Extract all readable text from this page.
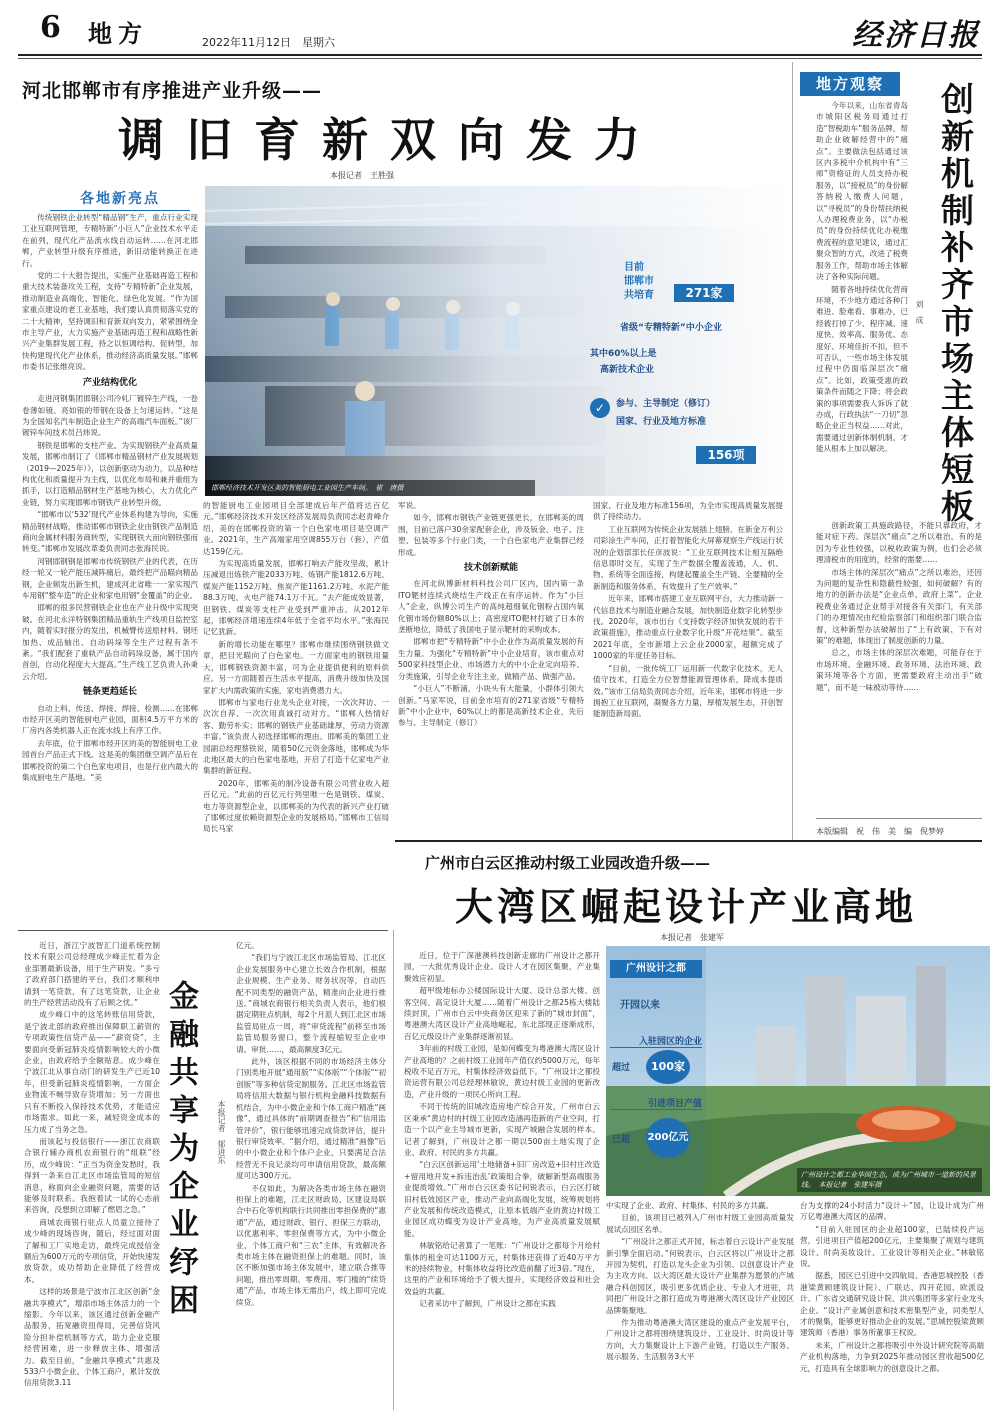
6 地方	2022年11月12日 星期六	经济日报
河北邯郸市有序推进产业升级——
调旧育新双向发力
本报记者　王胜强
各地新亮点

传统钢铁企业转型“精品钢”生产，重点行业实现工业互联网管理，专精特新“小巨人”企业技术水平走在前列，现代化产品流水线自动运转……在河北邯郸，产业转型升级有序推进，新旧动能转换正在进行。

党的二十大报告提出，实施产业基础再造工程和重大技术装备攻关工程，支持“专精特新”企业发展，推动制造业高端化、智能化、绿色化发展。“作为国家重点建设的老工业基地，我们要认真贯彻落实党的二十大精神，坚持调旧和育新双向发力，紧紧围绕金市主导产业，大力实施产业基础再造工程和战略性新兴产业集群发展工程，持之以恒调结构、促转型，加快构建现代化产业体系，推动经济高质量发展。”邯郸市委书记张维亮说。

产业结构优化

走进河钢集团邯钢公司冷轧厂镀锌生产线，一卷卷薄如镜、亮如银的带钢在设备上匀速运转。“这是为全国知名汽车制造企业生产的高端汽车面板。”该厂镀锌车间技术员吕炜说。

钢铁是邯郸的支柱产业。为实现钢铁产业高质量发展，邯郸市制订了《邯郸市精品钢材产业发展规划（2019—2025年）》，以创新驱动为动力，以品种结构优化和质量提升为主线，以优化布局和兼并重组为抓手，以打造精品钢材生产基地为核心，大力优化产业链，努力实现邯郸市钢铁产业转型升级。

“邯郸市以‘532’现代产业体系构建为导向，实施精品钢材战略，推动邯郸市钢铁企业由钢铁产品制造商向金属材料服务商转型，实现钢铁大而向钢铁强而转变。”邯郸市发展改革委负责同志张海民说。

河钢邯钢钢是邯郸市传统钢铁产业的代表，在历经一轮又一轮产能压减阵痛后，最终把产品瞄向精品钢，企业频发出新生机，建成河北省唯一一家实现汽车用钢“整车造”的企业和家电用钢“金覆盖”的企业。

邯郸的很多民营钢铁企业也在产业升级中实现突破。在河北永洋特钢集团精品重轨生产线项目监控室内，随着实时报分的发出，机械臂传送原材料、钢坯加热、成品轴出、自动码垛等全生产过程有条不紊。“我们配套了重轨产品自动码垛设备，属于国内首创，自动化程度大大提高。”生产线工艺负责人孙秉云介绍。

链条更趋延长

自动上料、传送、焊接、焊接、检测……在邯郸市经开区美的智能厨电产业园，面积4.5万平方米的厂房内各类机器人正在流水线上有序工作。

去年底，位于邯郸市经开区的美的智能厨电工业园首台产品正式下线。这是美的集团继空调产品后在邯郸投资的第二个白色家电项目，也是行业内最大的集成厨电生产基地。“美

邯郸经济技术开发区美的智能厨电工业园生产车间。　崔　唐摄
目前
邯郸市
共培育	271家
省级“专精特新”中小企业
其中60%以上是
高新技术企业
✓	参与、主导制定（修订）
国家、行业及地方标准
156项

的智能厨电工业园项目全部建成后年产值将达百亿元。”邯郸经济技术开发区经济发展局负责同志赵青峰介绍，美的在邯郸投资的第一个白色家电项目是空调产业。2021年，生产高端家用空调855万台（套），产值达159亿元。

为实现高质量发展，邯郸打响去产能攻坚战，累计压减退出炼铁产能2033万吨、炼钢产能1812.6万吨、煤炭产能1152万吨、焦炭产能1161.2万吨、水泥产能88.3万吨、火电产能74.1万千瓦。“去产能成效显著，但钢铁、煤炭等支柱产业受到严重冲击。从2012年起，邯郸经济增速连续4年低于全省平均水平。”张海民记忆犹新。

新的增长动能在哪里？邯郸市继续围绕钢铁做文章，把目光瞄向了白色家电。一方面家电的钢铁用量大，邯郸钢铁资源丰富，可为企业提供便利的原料供应。另一方面随着百生活水平提高，消费升级加快及国家扩大内需政策的实施，家电消费潜力大。

邯郸市与家电行业龙头企业对接，一次次拜访、一次次自荐、一次次用真诚打动对方。“邯郸人热情好客、勤劳朴实；邯郸的钢铁产业基础雄厚，劳动力资源丰富。”该负责人初选择邯郸的理由。邯郸美的集团工业园副总经理蔡铁说，随着50亿元资金落地，邯郸成为华北地区最大的白色家电基地，开启了打造千亿家电产业集群的新征程。

2020年，邯郸美的制冷设备有限公司营业收入超百亿元。“此前的百亿元行列里唯一色是钢铁、煤炭、电力等资源型企业，以邯郸美的为代表的新兴产业打破了邯郸过度依赖资源型企业的发展格局。”邯郸市工信局局长马家

军说。

如今，邯郸市钢铁产业链更强更长，在邯郸美的周围，目前已落户30余家配套企业，涉及钣金、电子、注塑、包装等多个行业门类，一个白色家电产业集群已经形成。

技术创新赋能

在河北纵博新材料科技公司厂区内，国内第一条ITO靶材连续式烧结生产线正在有序运转。作为“小巨人”企业，纵博公司生产的高纯超细氧化铟粉占国内氧化铟市场份额80%以上；高密度ITO靶材打破了日本的垄断地位，降低了我国电子显示靶材的采购成本。

邯郸市把“专精特新”中小企业作为高质量发展的有生力量。为强化“专精特新”中小企业培育，该市重点对500家科技型企业、市场潜力大的中小企业定向培养、分类施策，引导企业专注主业，做精产品、做强产品。

“小巨人”不断涌，小块头有大能量，小群体引领大创新。”马家军说，目前金市培育的271家省级“专精特新”中小企业中，60%以上的都是高新技术企业，先后参与、主导制定（修订）

国家、行业及地方标准156项，为全市实现高质量发展提供了持续动力。

工业互联网为传统企业发展插上翅膀。在新金万利公司彩涂生产车间，正打着智能化大屏幕观察生产线运行状况的企划部部长任彦波说：“工业互联网技术让相互隔绝信息即时交互，实现了生产数据全覆盖流通，人、机、物、系统等全面连接，构建起覆盖全生产链、全要精的全新制造和服务体系，有效提升了生产效率。”

近年来，邯郸市搭建工业互联网平台，大力推动新一代信息技术与制造业融合发展，加快制造业数字化转型步伐。2020年，该市出台《支持数字经济加快发展的若干政策措施》，推动重点行业数字化升级“开花结果”。截至2021年底，全市新增上云企业2000家，超额完成了1000家的年度任务目标。

“目前，一批传统工厂运用新一代数字化技术，无人值守技术，打造全方位智慧能源管理体系，降成本提质效。”该市工信局负责同志介绍，近年来，邯郸市将进一步拥抱工业互联网，凝聚各方力量，厚植发展生态，开创智能制造新局面。

地方观察	创新机制补齐市场主体短板
刘　成

今年以来，山东省青岛市城阳区税务局通过打造“智税助车”服务品牌，帮助企业破解经营中的“痛点”。主要做法包括通过该区内多税中介机构中有“三师”资格证的人员支持办税服务，以“接税员”的身份解答纳税人缴费人问题，以“寻税员”的身份帮扶纳税人办理税费业务，以“办税员”的身份持续优化办税缴费流程的意见建议，通过汇聚众智的方式，改进了税费服务工作，帮助市场主体解决了各种实际问题。

随着各地持续优化营商环境，不少地方通过各种门难进、脸难看、事难办，已经被打掉了少、程序减、速度快、效率高、服务优、态度好、环境佳折不扣，但不可否认，一些市场主体发展过程中仍面临深层次“痛点”。比如，政策受惠的政策条件而随之下降；将会政策的事项需要我人诉诉了就办成，行政执法“一刀切”忽略企业正当权益……对此，需要通过创新体制机制，才能从根本上加以解决。

创新政策工具施政路径，不能只靠政府，才能对症下药。深层次“痛点”之所以难治，有的是因为专业性较强，以税收政策为例，也们会必须理清税市的用度的，经常的需要……

市场主体的深层次“痛点”之所以难治，还因为问题的复杂性和隐蔽性较强，如何破解？有的地方的创新办法是“企业点单、政府上菜”。企业税费业务通过企业帮手对接各有关部门，有关部门的办理情况由纪检监察部门和组织部门联合监督，这种新型办法破解出了“上有政策、下有对策”的难题，体现出了制度创新的力量。

总之，市场主体的深层次难题，可能存在于市场环境、金融环境、政务环境、法治环境、政策环境等各个方面，更需要政府主动出手“破题”，而不是一味被动等待……

本版编辑　祝　伟　美　编　倪梦婷
广州市白云区推动村级工业园改造升级——
大湾区崛起设计产业高地
本报记者　张建军
广州设计之都工业华园生态，成为广州城市一道新的风景线。　本报记者　张建军摄
广州设计之都
开园以来
入驻园区的企业
超过	100家
引进项目产值
已超 200亿元

近日，位于广深港澳科技创新走廊的广州设计之都开园，一大批优秀设计企业、设计人才在园区集聚，产业集聚效应初显。

超甲级地标办公楼国际设计大厦、设计总部大楼、创客空间、高定设计大厦……随着广州设计之都25栋大楼陆续封顶，广州市白云中央商务区迎来了新的“城市封面”，粤港澳大湾区设计产业高地崛起，东北部现正逐渐成形，百亿元级设计产业集群逐渐初显。

3年前的村级工业园，是如何蝶变为粤港澳大湾区设计产业高地的？之前村级工业园年产值仅约5000万元，每年税收不足百万元，村集体经济效益低下。“广州设计之都投资运营有限公司总经理林敏说，黄边村级工业园的更新改造，产业升级的一项民心所向工程。

不同于传统的旧城改造房地产综合开发，广州市白云区秉承“黄边村的村级工业园改造涵再造新的产业空间，打造一个以产业主导城市更新，实现产城融合发展的样本。记者了解到，广州设计之都一期以500亩土地实现了企业、政府、村民的多方共赢。

“白云区创新运用‘土地储备+旧厂房改造+旧村庄改造+留用地开发+拆违治乱’政策组合拳，破解新型高端服务业提质增效。”广州市白云区委书记何锐表示，白云区打破旧村低效园区产业，推动产业向高端化发展，统筹规划将产业发展和传统改造模式，让原本低端产业的黄边村级工业园区成功蝶变为设计产业高地，为产业高质量发展赋能。

林敏铭给记者算了一笔账：“广州设计之都每个月给村集体的租金可达1100万元，村集体还获得了近40万平方米的持续物业，村集体收益将比改造前翻了近3倍。”现在，这里的产业和环境给予了极大提升，实现经济效益和社会效益的共赢。

记者采访中了解到，广州设计之都在实践

中实现了企业、政府、村集体、村民的多方共赢。

目前，该项目已被列入广州市村级工业园高质量发展试点园区名单。

“广州设计之都正式开园，标志着白云设计产业发展新引擎全面启动。”何锐表示，白云区将以广州设计之都开园为契机，打造以龙头企业为引领、以创意设计产业为主攻方向、以大湾区最大设计产业集群为愿景的产城融合科创园区，吸引更多优质企业、专业人才进驻，共同把广州设计之都打造成为粤港澳大湾区设计产业园区品牌集聚地。

作为推动粤港澳大湾区建设的重点产业发展平台，广州设计之都将围绕建筑设计、工业设计、时尚设计等方向，大力集聚设计上下游产业链，打造以生产服务、展示服务、生活服务3大平

台为支撑的24小时活力“设计＋”园，让设计成为广州万亿粤港澳大湾区的品牌。

“目前入驻园区的企业超100家，已陆续投产运营，引进项目产值超200亿元，主要集聚了规划与建筑设计、时尚美妆设计、工业设计等相关企业。”林敏铭说。

据悉，园区已引进中交四航局、香港思城控股（香港梁黄顾建筑设计院）、广联达、四开花园、欧派设计、广东省交通研究设计院、洪兴集团等多家行业龙头企业。“设计产业属创意和技术密集型产业，同类型人才的聚集，能够更好推动企业的发展。”思城控股梁黄顾建筑师（香港）事务所董事王权说。

未来，广州设计之都将吸引中外设计研究院等高端产业机构落地，力争到2025年推动园区营收超500亿元，打造具有全球影响力的创意设计之都。

金融共享为企业纾困 本报记者　郁进东

近日，浙江宁波智汇门道系统控制技术有限公司总经理成少峰正忙着为企业部署最新设备，用于生产研发。“多亏了政府部门搭建的平台，我们才顺利申请到一笔贷款，有了这笔贷款，让企业的生产经营活动没有了后顾之忧。”

成少峰口中的这笔转账信用贷款，是宁波北部的政府推出保障职工薪资的专项政策性信贷产品——“薪资贷”，主要面向受新冠肺炎疫情影响较大的小微企业，由政府给予全额贴息。成少峰在宁波江北从事自动门的研发生产已近10年，但受新冠肺炎疫情影响，一方面企业物流不畅导致存货增加；另一方面也只有不断投入保持技术优势，才能适应市场需求。如此一来，减轻资金成本的压力成了当务之急。

而该起与投信银行——浙江农商联合银行辅办商机农商银行的“组联”经历，成少峰说：“正当为资金发愁时，我得到一条来自江北区市场监管局的短信消息，称面向企业融资问题，需要的话能够及时联系。我抱着试一试的心态前来咨询，没想到立即解了燃眉之急。”

商城农商银行驻点人员童立接待了成少峰的现场咨询，随后，经过面对面了解和工厂实地走访，最终完成授信金额后为600万元的专项信贷，开始快速发放贷款，成功帮助企业降低了经营成本。

这样的场景是宁波市江北区创新“金融共享模式”，增添市场主体活力的一个缩影。今年以来，该区通过创新金融产品服务，拓宽融资扭得局，完善信贷风险分担补偿机制等方式，助力企业克服经营困难，进一步释放主体、增强活力。截至目前，“金融共享模式”共惠及533户小微企业、个体工商户，累计发放信用贷款3.11

亿元。

“我们与宁波江北区市场监管局、江北区企业发展服务中心建立长效合作机制，根据企业规模、生产业务、财务状况等，自动匹配不同类型的融资产品，精准向企业进行推送。”商城农商银行相关负责人表示，他们根据定期驻点机制，每2个月派人到江北区市场监管局驻点一周，将“审贷流程”前移至市场监管局服务窗口，整个流程缩短至企业申请、审批……，最高额度3亿元。

此外，该区根据不同的市场经济主体分门别类地开展“通用版”“实体版”“个体版”“初创版”等多种信贷定制服务。江北区市场监管局将信用大数据与银行机构金融科技数据有机结合，为中小微企业和个体工商户精准“画像”，通过具体的“前期调查报告”和“信用监管评价”，银行能够迅速完成贷款评估，提升银行审贷效率。“据介绍，通过精准“画像”后的中小微企业和个体户企业，只要满足合法经营无不良记录均可申请信用贷款，最高额度可达300万元。

不仅如此，为解决各类市场主体在融资担保上的难题，江北区财政局、区建设局联合中石化等机构联行共同推出零担保费的“惠通”产品，通过财政、银行、担保三方联动，以优惠利率、零担保费等方式，为中小微企业、个体工商户和“三农”主体，有效解决各类市场主体在融资担保上的难题。同时，该区不断加强市场主体发展中，建立联合推等问题，推出零周期、零费用、零门槛的“续贷通”产品，市场主体无需出户，线上即可完成续贷。
